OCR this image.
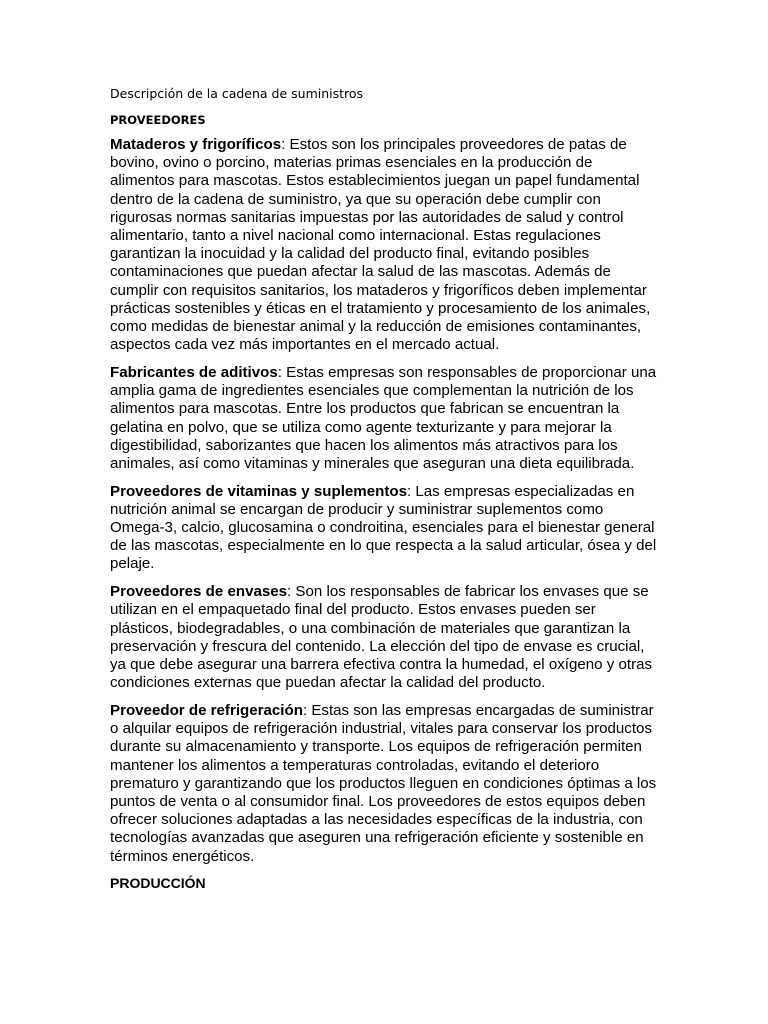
Descripción de la cadena de suministros
PROVEEDORES

Mataderos y frigoríficos: Estos son los principales proveedores de patas de bovino, ovino o porcino, materias primas esenciales en la producción de alimentos para mascotas. Estos establecimientos juegan un papel fundamental dentro de la cadena de suministro, ya que su operación debe cumplir con rigurosas normas sanitarias impuestas por las autoridades de salud y control alimentario, tanto a nivel nacional como internacional. Estas regulaciones garantizan la inocuidad y la calidad del producto final, evitando posibles contaminaciones que puedan afectar la salud de las mascotas. Además de cumplir con requisitos sanitarios, los mataderos y frigoríficos deben implementar prácticas sostenibles y éticas en el tratamiento y procesamiento de los animales, como medidas de bienestar animal y la reducción de emisiones contaminantes, aspectos cada vez más importantes en el mercado actual.

Fabricantes de aditivos: Estas empresas son responsables de proporcionar una amplia gama de ingredientes esenciales que complementan la nutrición de los alimentos para mascotas. Entre los productos que fabrican se encuentran la gelatina en polvo, que se utiliza como agente texturizante y para mejorar la digestibilidad, saborizantes que hacen los alimentos más atractivos para los animales, así como vitaminas y minerales que aseguran una dieta equilibrada.

Proveedores de vitaminas y suplementos: Las empresas especializadas en nutrición animal se encargan de producir y suministrar suplementos como Omega-3, calcio, glucosamina o condroitina, esenciales para el bienestar general de las mascotas, especialmente en lo que respecta a la salud articular, ósea y del pelaje.

Proveedores de envases: Son los responsables de fabricar los envases que se utilizan en el empaquetado final del producto. Estos envases pueden ser plásticos, biodegradables, o una combinación de materiales que garantizan la preservación y frescura del contenido. La elección del tipo de envase es crucial, ya que debe asegurar una barrera efectiva contra la humedad, el oxígeno y otras condiciones externas que puedan afectar la calidad del producto.

Proveedor de refrigeración: Estas son las empresas encargadas de suministrar o alquilar equipos de refrigeración industrial, vitales para conservar los productos durante su almacenamiento y transporte. Los equipos de refrigeración permiten mantener los alimentos a temperaturas controladas, evitando el deterioro prematuro y garantizando que los productos lleguen en condiciones óptimas a los puntos de venta o al consumidor final. Los proveedores de estos equipos deben ofrecer soluciones adaptadas a las necesidades específicas de la industria, con tecnologías avanzadas que aseguren una refrigeración eficiente y sostenible en términos energéticos.

PRODUCCIÓN
